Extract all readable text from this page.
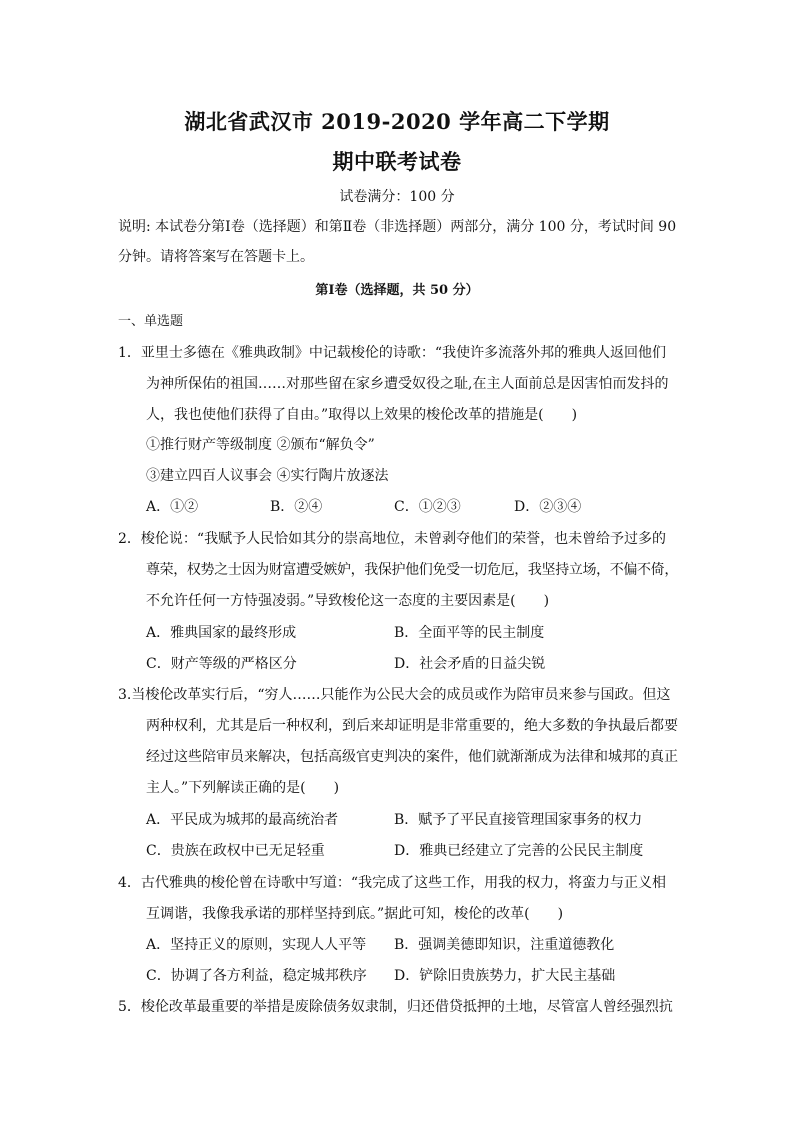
湖北省武汉市 2019-2020 学年高二下学期
期中联考试卷
试卷满分：100 分
说明: 本试卷分第Ⅰ卷（选择题）和第Ⅱ卷（非选择题）两部分，满分 100 分，考试时间 90
分钟。请将答案写在答题卡上。
第Ⅰ卷（选择题，共 50 分）
一、单选题
1．亚里士多德在《雅典政制》中记载梭伦的诗歌：“我使许多流落外邦的雅典人返回他们
为神所保佑的祖国……对那些留在家乡遭受奴役之耻,在主人面前总是因害怕而发抖的
人，我也使他们获得了自由。”取得以上效果的梭伦改革的措施是(　　)
①推行财产等级制度 ②颁布“解负令”
③建立四百人议事会 ④实行陶片放逐法
A．①②	B．②④	C．①②③	D．②③④
2．梭伦说：“我赋予人民恰如其分的崇高地位，未曾剥夺他们的荣誉，也未曾给予过多的
尊荣，权势之士因为财富遭受嫉妒，我保护他们免受一切危厄，我坚持立场，不偏不倚，
不允许任何一方恃强凌弱。”导致梭伦这一态度的主要因素是(　　)
A．雅典国家的最终形成	B．全面平等的民主制度
C．财产等级的严格区分	D．社会矛盾的日益尖锐
3.当梭伦改革实行后，“穷人……只能作为公民大会的成员或作为陪审员来参与国政。但这
两种权利，尤其是后一种权利，到后来却证明是非常重要的，绝大多数的争执最后都要
经过这些陪审员来解决，包括高级官吏判决的案件，他们就渐渐成为法律和城邦的真正
主人。”下列解读正确的是(　　)
A．平民成为城邦的最高统治者	B．赋予了平民直接管理国家事务的权力
C．贵族在政权中已无足轻重	D．雅典已经建立了完善的公民民主制度
4．古代雅典的梭伦曾在诗歌中写道：“我完成了这些工作，用我的权力，将蛮力与正义相
互调谐，我像我承诺的那样坚持到底。”据此可知，梭伦的改革(　　)
A．坚持正义的原则，实现人人平等 B．强调美德即知识，注重道德教化
C．协调了各方利益，稳定城邦秩序 D．铲除旧贵族势力，扩大民主基础
5．梭伦改革最重要的举措是废除债务奴隶制，归还借贷抵押的土地，尽管富人曾经强烈抗
